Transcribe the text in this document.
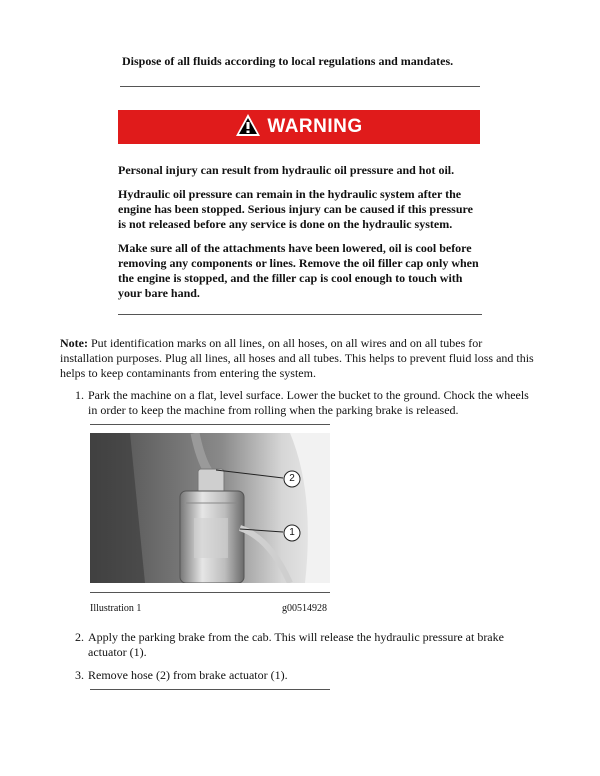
Dispose of all fluids according to local regulations and mandates.
WARNING

Personal injury can result from hydraulic oil pressure and hot oil.

Hydraulic oil pressure can remain in the hydraulic system after the engine has been stopped. Serious injury can be caused if this pressure is not released before any service is done on the hydraulic system.

Make sure all of the attachments have been lowered, oil is cool before removing any components or lines. Remove the oil filler cap only when the engine is stopped, and the filler cap is cool enough to touch with your bare hand.

Note: Put identification marks on all lines, on all hoses, on all wires and on all tubes for installation purposes. Plug all lines, all hoses and all tubes. This helps to prevent fluid loss and this helps to keep contaminants from entering the system.
1. Park the machine on a flat, level surface. Lower the bucket to the ground. Chock the wheels in order to keep the machine from rolling when the parking brake is released.
2
1
Illustration 1	g00514928
2. Apply the parking brake from the cab. This will release the hydraulic pressure at brake actuator (1).
3. Remove hose (2) from brake actuator (1).
